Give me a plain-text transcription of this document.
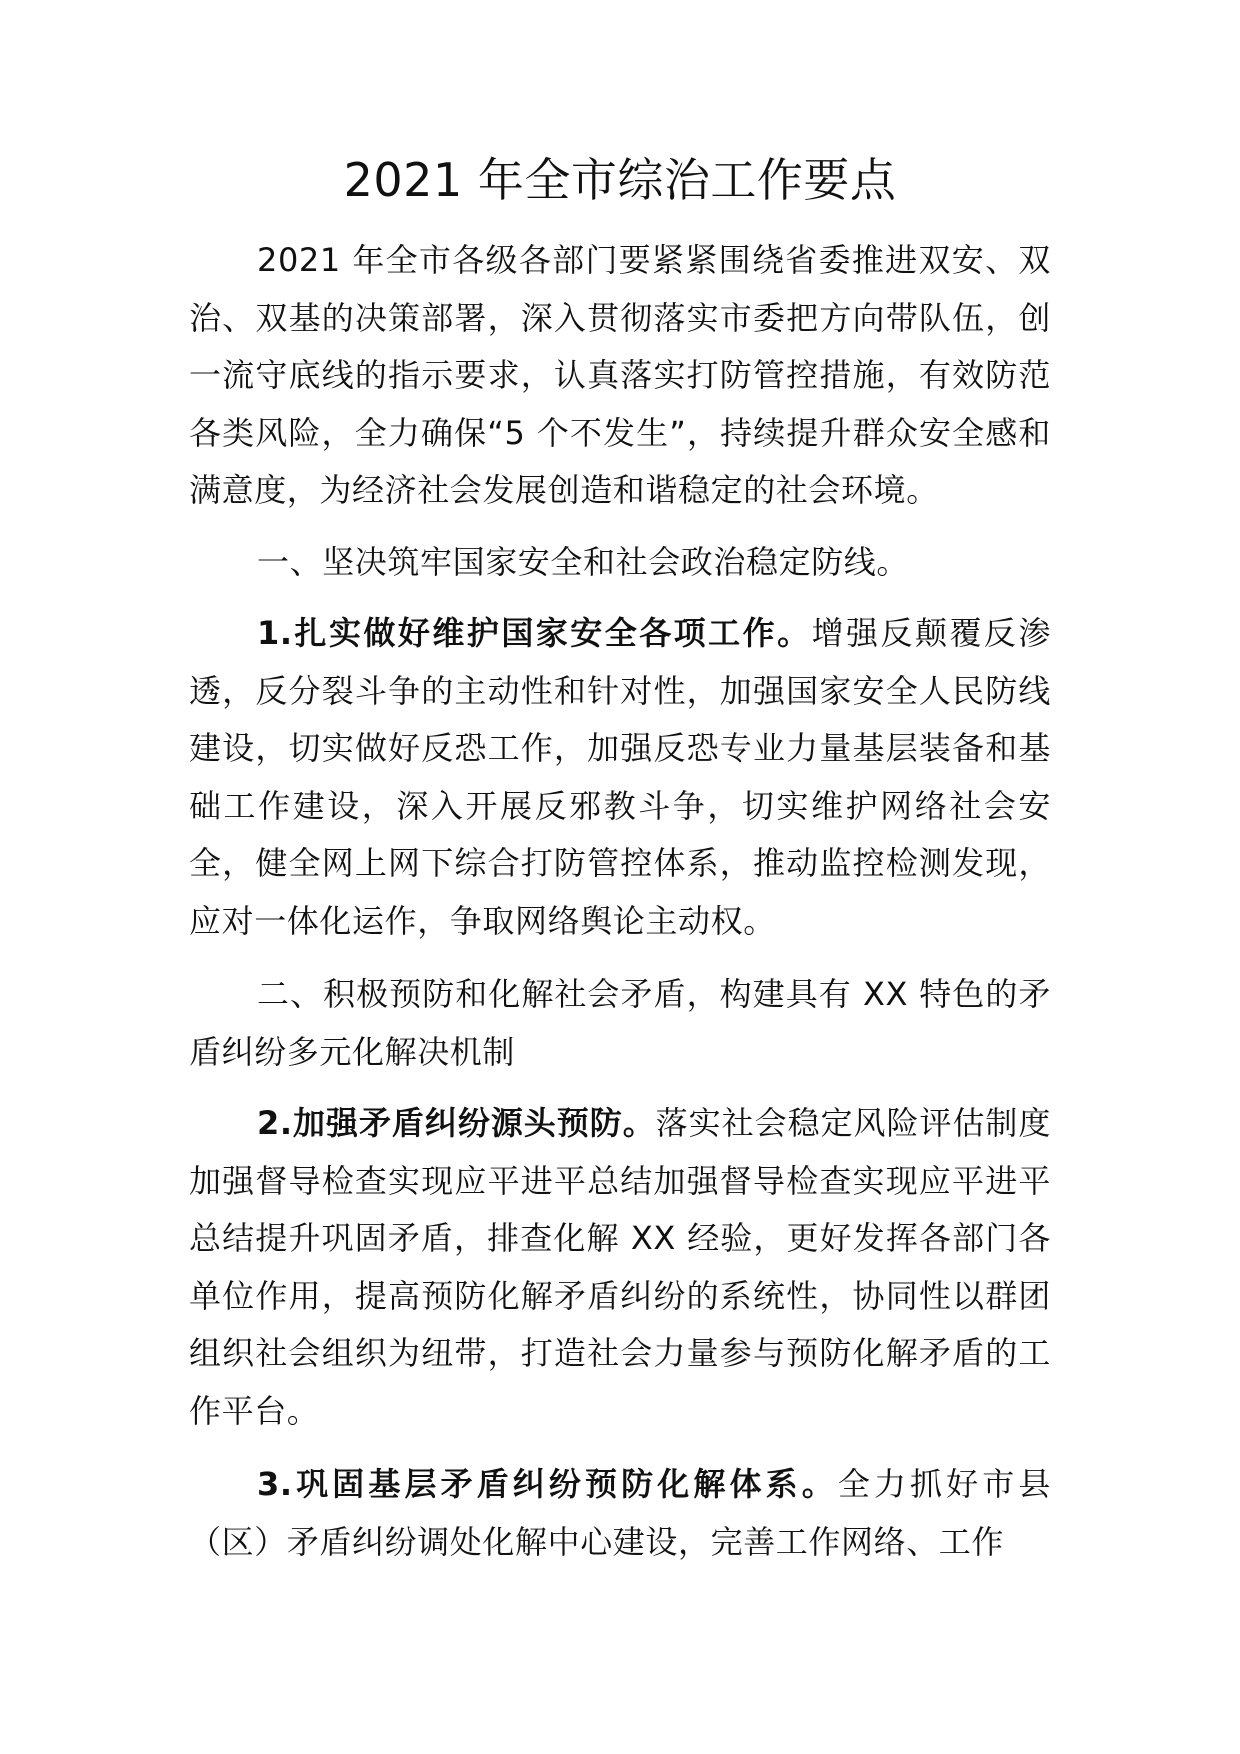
2021 年全市综治工作要点

2021 年全市各级各部门要紧紧围绕省委推进双安、双治、双基的决策部署，深入贯彻落实市委把方向带队伍，创一流守底线的指示要求，认真落实打防管控措施，有效防范各类风险，全力确保“5 个不发生”，持续提升群众安全感和满意度，为经济社会发展创造和谐稳定的社会环境。

一、坚决筑牢国家安全和社会政治稳定防线。

1.扎实做好维护国家安全各项工作。增强反颠覆反渗透，反分裂斗争的主动性和针对性，加强国家安全人民防线建设，切实做好反恐工作，加强反恐专业力量基层装备和基础工作建设，深入开展反邪教斗争，切实维护网络社会安全，健全网上网下综合打防管控体系，推动监控检测发现，应对一体化运作，争取网络舆论主动权。

二、积极预防和化解社会矛盾，构建具有 XX 特色的矛盾纠纷多元化解决机制

2.加强矛盾纠纷源头预防。落实社会稳定风险评估制度加强督导检查实现应平进平总结加强督导检查实现应平进平总结提升巩固矛盾，排查化解 XX 经验，更好发挥各部门各单位作用，提高预防化解矛盾纠纷的系统性，协同性以群团组织社会组织为纽带，打造社会力量参与预防化解矛盾的工作平台。

3.巩固基层矛盾纠纷预防化解体系。全力抓好市县（区）矛盾纠纷调处化解中心建设，完善工作网络、工作
